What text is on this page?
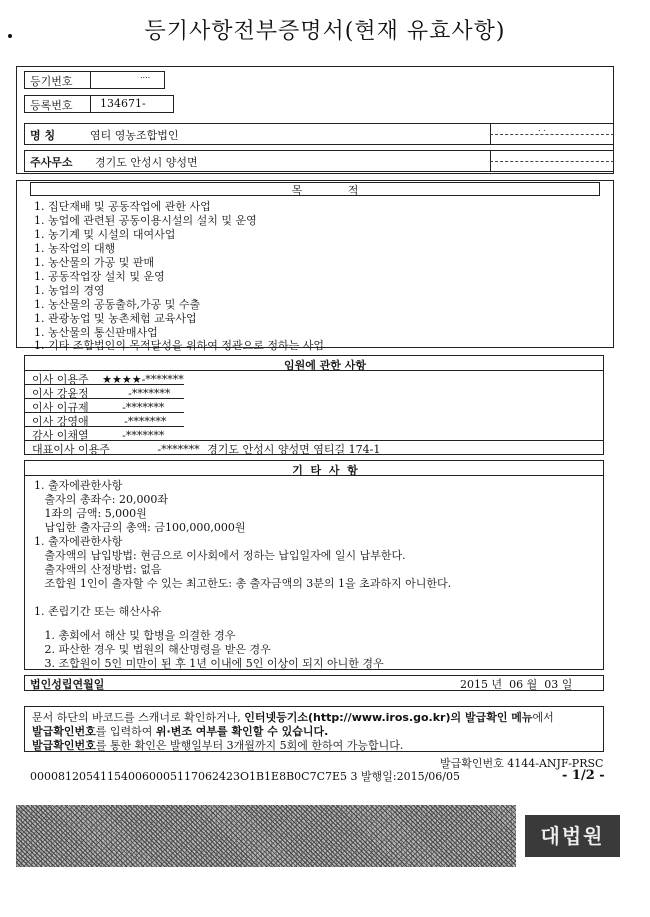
등기사항전부증명서(현재 유효사항)
등기번호	....
등록번호 134671-
명 칭	염티 영농조합법인
. .
주사무소 경기도 안성시 양성면
목             적
1. 집단재배 및 공동작업에 관한 사업
1. 농업에 관련된 공동이용시설의 설치 및 운영
1. 농기계 및 시설의 대여사업
1. 농작업의 대행
1. 농산물의 가공 및 판매
1. 공동작업장 설치 및 운영
1. 농업의 경영
1. 농산물의 공동출하,가공 및 수출
1. 관광농업 및 농촌체험 교육사업
1. 농산물의 통신판매사업
1. 기타 조합법인의 목적달성을 위하여 정관으로 정하는 사업
임원에 관한 사항
이사 이용주 ★★★★-*******
이사 강윤정	-*******
이사 이규제	-*******
이사 강영애	-*******
감사 이채열	-*******
대표이사 이용주	-******* 경기도 안성시 양성면 염티길 174-1
기  타  사  항
1. 출자에관한사항
출자의 총좌수: 20,000좌
1좌의 금액: 5,000원
납입한 출자금의 총액: 금100,000,000원
1. 출자에관한사항
출자액의 납입방법: 현금으로 이사회에서 정하는 납입일자에 일시 납부한다.
출자액의 산정방법: 없음
조합원 1인이 출자할 수 있는 최고한도: 총 출자금액의 3분의 1을 초과하지 아니한다.
1. 존립기간 또는 해산사유
1. 총회에서 해산 및 합병을 의결한 경우
2. 파산한 경우 및 법원의 해산명령을 받은 경우
3. 조합원이 5인 미만이 된 후 1년 이내에 5인 이상이 되지 아니한 경우
법인성립연월일	2015 년  06 월  03 일
문서 하단의 바코드를 스캐너로 확인하거나, 인터넷등기소(http://www.iros.go.kr)의 발급확인 메뉴에서
발급확인번호를 입력하여 위·변조 여부를 확인할 수 있습니다.
발급확인번호를 통한 확인은 발행일부터 3개월까지 5회에 한하여 가능합니다.
발급확인번호 4144-ANJF-PRSC
000081205411540060005117062423O1B1E8B0C7C7E5 3 발행일:2015/06/05	- 1/2 -
대법원
